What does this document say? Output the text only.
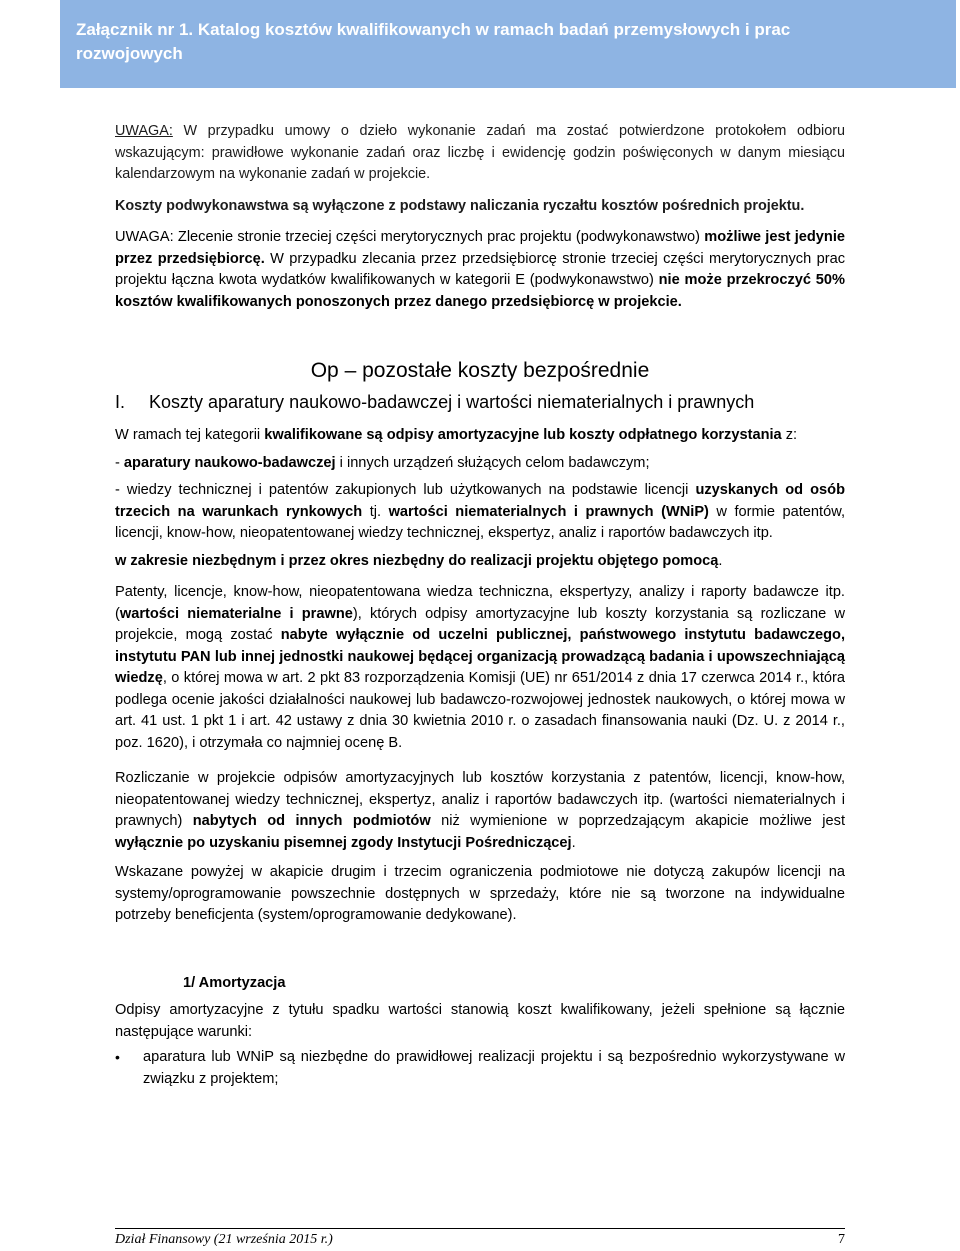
Załącznik nr 1. Katalog kosztów kwalifikowanych w ramach badań przemysłowych i prac
rozwojowych

UWAGA: W przypadku umowy o dzieło wykonanie zadań ma zostać potwierdzone protokołem odbioru wskazującym: prawidłowe wykonanie zadań oraz liczbę i ewidencję godzin poświęconych w danym miesiącu kalendarzowym na wykonanie zadań w projekcie.

Koszty podwykonawstwa są wyłączone z podstawy naliczania ryczałtu kosztów pośrednich projektu.

UWAGA: Zlecenie stronie trzeciej części merytorycznych prac projektu (podwykonawstwo) możliwe jest jedynie przez przedsiębiorcę. W przypadku zlecania przez przedsiębiorcę stronie trzeciej części merytorycznych prac projektu łączna kwota wydatków kwalifikowanych w kategorii E (podwykonawstwo) nie może przekroczyć 50% kosztów kwalifikowanych ponoszonych przez danego przedsiębiorcę w projekcie.

Op – pozostałe koszty bezpośrednie
I.	Koszty aparatury naukowo-badawczej i wartości niematerialnych i prawnych

W ramach tej kategorii kwalifikowane są odpisy amortyzacyjne lub koszty odpłatnego korzystania z:

- aparatury naukowo-badawczej i innych urządzeń służących celom badawczym;

- wiedzy technicznej i patentów zakupionych lub użytkowanych na podstawie licencji uzyskanych od osób trzecich na warunkach rynkowych tj. wartości niematerialnych i prawnych (WNiP) w formie patentów, licencji, know-how, nieopatentowanej wiedzy technicznej, ekspertyz, analiz i raportów badawczych itp.

w zakresie niezbędnym i przez okres niezbędny do realizacji projektu objętego pomocą.

Patenty, licencje, know-how, nieopatentowana wiedza techniczna, ekspertyzy, analizy i raporty badawcze itp. (wartości niematerialne i prawne), których odpisy amortyzacyjne lub koszty korzystania są rozliczane w projekcie, mogą zostać nabyte wyłącznie od uczelni publicznej, państwowego instytutu badawczego, instytutu PAN lub innej jednostki naukowej będącej organizacją prowadzącą badania i upowszechniającą wiedzę, o której mowa w art. 2 pkt 83 rozporządzenia Komisji (UE) nr 651/2014 z dnia 17 czerwca 2014 r., która podlega ocenie jakości działalności naukowej lub badawczo-rozwojowej jednostek naukowych, o której mowa w art. 41 ust. 1 pkt 1 i art. 42 ustawy z dnia 30 kwietnia 2010 r. o zasadach finansowania nauki (Dz. U. z 2014 r., poz. 1620), i otrzymała co najmniej ocenę B.

Rozliczanie w projekcie odpisów amortyzacyjnych lub kosztów korzystania z patentów, licencji, know-how, nieopatentowanej wiedzy technicznej, ekspertyz, analiz i raportów badawczych itp. (wartości niematerialnych i prawnych) nabytych od innych podmiotów niż wymienione w poprzedzającym akapicie możliwe jest wyłącznie po uzyskaniu pisemnej zgody Instytucji Pośredniczącej.

Wskazane powyżej w akapicie drugim i trzecim ograniczenia podmiotowe nie dotyczą zakupów licencji na systemy/oprogramowanie powszechnie dostępnych w sprzedaży, które nie są tworzone na indywidualne potrzeby beneficjenta (system/oprogramowanie dedykowane).

1/ Amortyzacja

Odpisy amortyzacyjne z tytułu spadku wartości stanowią koszt kwalifikowany, jeżeli spełnione są łącznie następujące warunki:

•	aparatura lub WNiP są niezbędne do prawidłowej realizacji projektu i są bezpośrednio wykorzystywane w związku z projektem;

Dział Finansowy (21 września 2015 r.)	7
